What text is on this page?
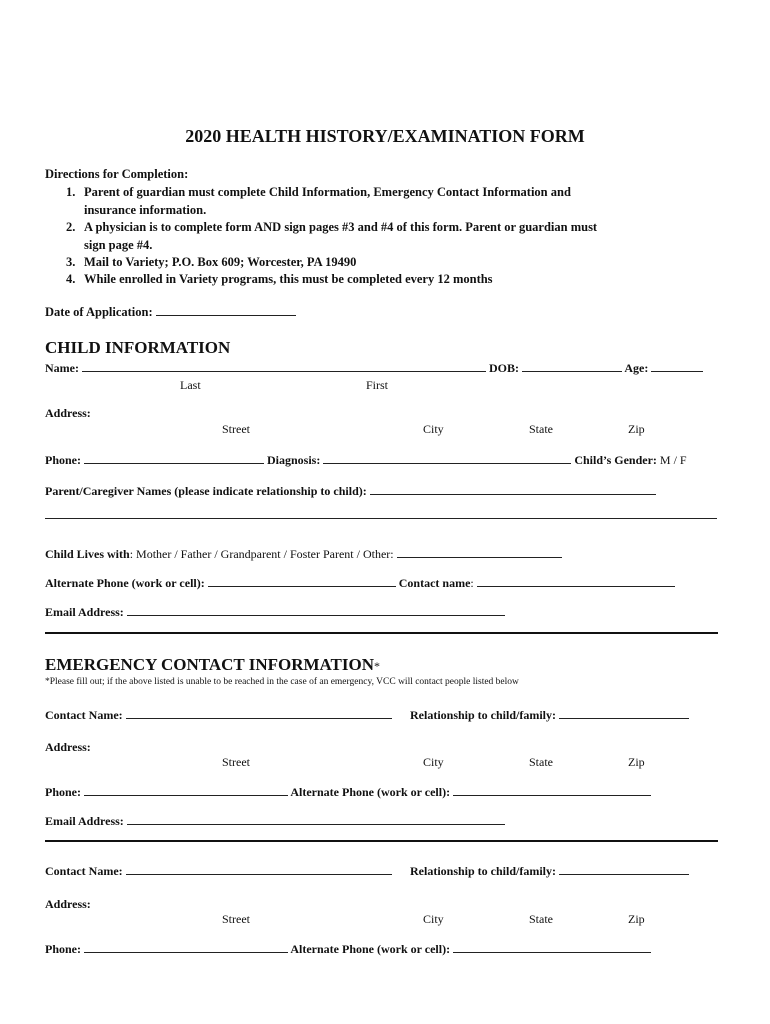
2020 HEALTH HISTORY/EXAMINATION FORM
Directions for Completion:
1. Parent of guardian must complete Child Information, Emergency Contact Information and
insurance information.
2. A physician is to complete form AND sign pages #3 and #4 of this form. Parent or guardian must
sign page #4.
3. Mail to Variety; P.O. Box 609; Worcester, PA 19490
4. While enrolled in Variety programs, this must be completed every 12 months
Date of Application:
CHILD INFORMATION
Name:	DOB:	Age:
Last	First
Address:
Street	City	State	Zip
Phone:	Diagnosis:	Child’s Gender: M / F
Parent/Caregiver Names (please indicate relationship to child):
Child Lives with: Mother / Father / Grandparent / Foster Parent / Other:
Alternate Phone (work or cell):	Contact name:
Email Address:
EMERGENCY CONTACT INFORMATION*
*Please fill out; if the above listed is unable to be reached in the case of an emergency, VCC will contact people listed below
Contact Name:	Relationship to child/family:
Address:
Street	City	State	Zip
Phone:	Alternate Phone (work or cell):
Email Address:
Contact Name:	Relationship to child/family:
Address:
Street	City	State	Zip
Phone:	Alternate Phone (work or cell):
